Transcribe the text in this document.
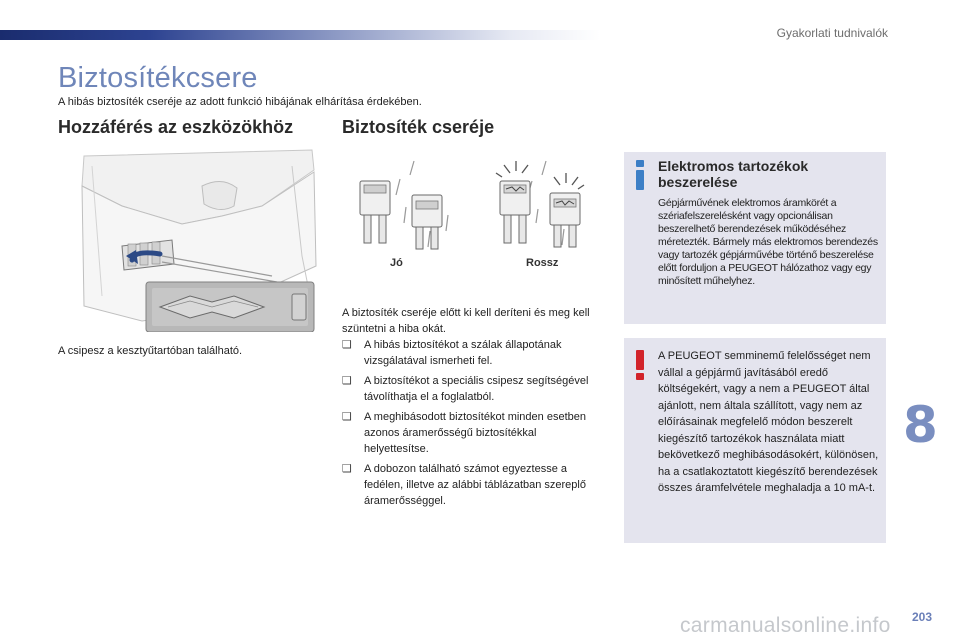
Gyakorlati tudnivalók
Biztosítékcsere
A hibás biztosíték cseréje az adott funkció hibájának elhárítása érdekében.
Hozzáférés az eszközökhöz	Biztosíték cseréje
A csipesz a kesztyűtartóban található.
Jó	Rossz

A biztosíték cseréje előtt ki kell deríteni és meg kell szüntetni a hiba okát.

❑ A hibás biztosítékot a szálak állapotának vizsgálatával ismerheti fel.
❑ A biztosítékot a speciális csipesz segítségével távolíthatja el a foglalatból.
❑ A meghibásodott biztosítékot minden esetben azonos áramerősségű biztosítékkal helyettesítse.
❑ A dobozon található számot egyeztesse a fedélen, illetve az alábbi táblázatban szereplő áramerősséggel.
Elektromos tartozékok beszerelése
Gépjárművének elektromos áramkörét a szériafelszerelésként vagy opcionálisan beszerelhető berendezések működéséhez méretezték. Bármely más elektromos berendezés vagy tartozék gépjárművébe történő beszerelése előtt forduljon a PEUGEOT hálózathoz vagy egy minősített műhelyhez.
A PEUGEOT semminemű felelősséget nem vállal a gépjármű javításából eredő költségekért, vagy a nem a PEUGEOT által ajánlott, nem általa szállított, vagy nem az előírásainak megfelelő módon beszerelt kiegészítő tartozékok használata miatt bekövetkező meghibásodásokért, különösen, ha a csatlakoztatott kiegészítő berendezések összes áramfelvétele meghaladja a 10 mA-t.
8
carmanualsonline.info 203
